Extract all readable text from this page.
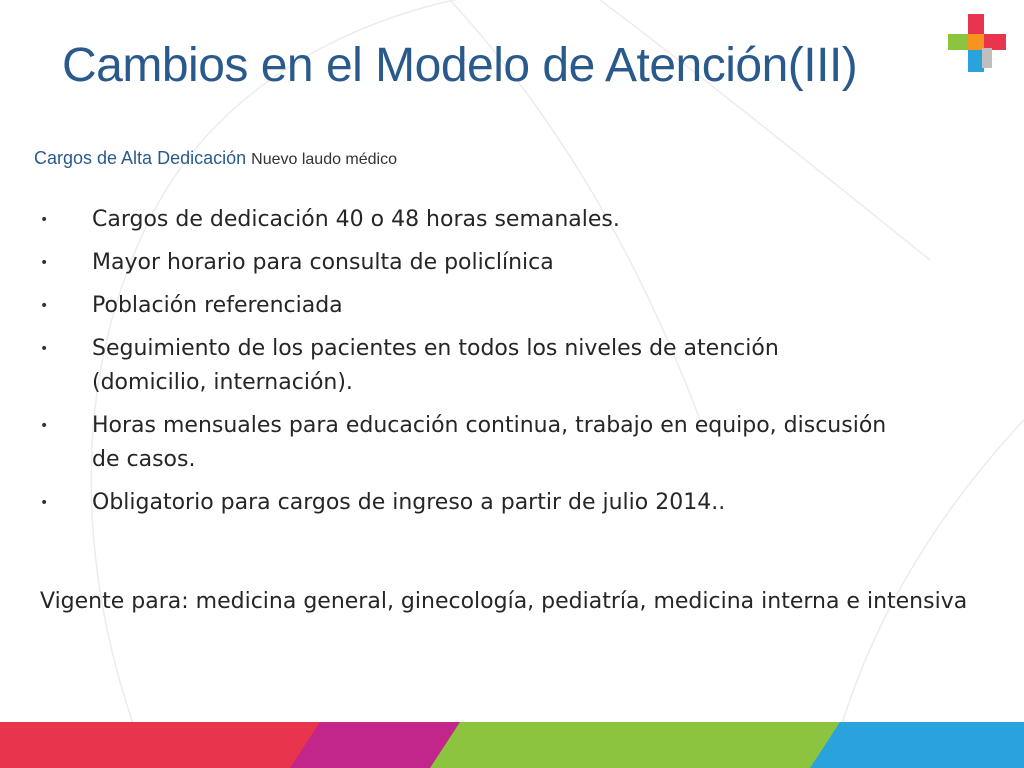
Cambios en el Modelo de Atención(III)
Cargos de Alta Dedicación Nuevo laudo médico
• Cargos de dedicación 40 o 48 horas semanales.
• Mayor horario para consulta de policlínica
• Población referenciada
• Seguimiento de los pacientes en todos los niveles de atención (domicilio, internación).
• Horas mensuales para educación continua, trabajo en equipo, discusión de casos.
• Obligatorio para cargos de ingreso a partir de julio 2014..

Vigente para: medicina general, ginecología, pediatría, medicina interna e intensiva
